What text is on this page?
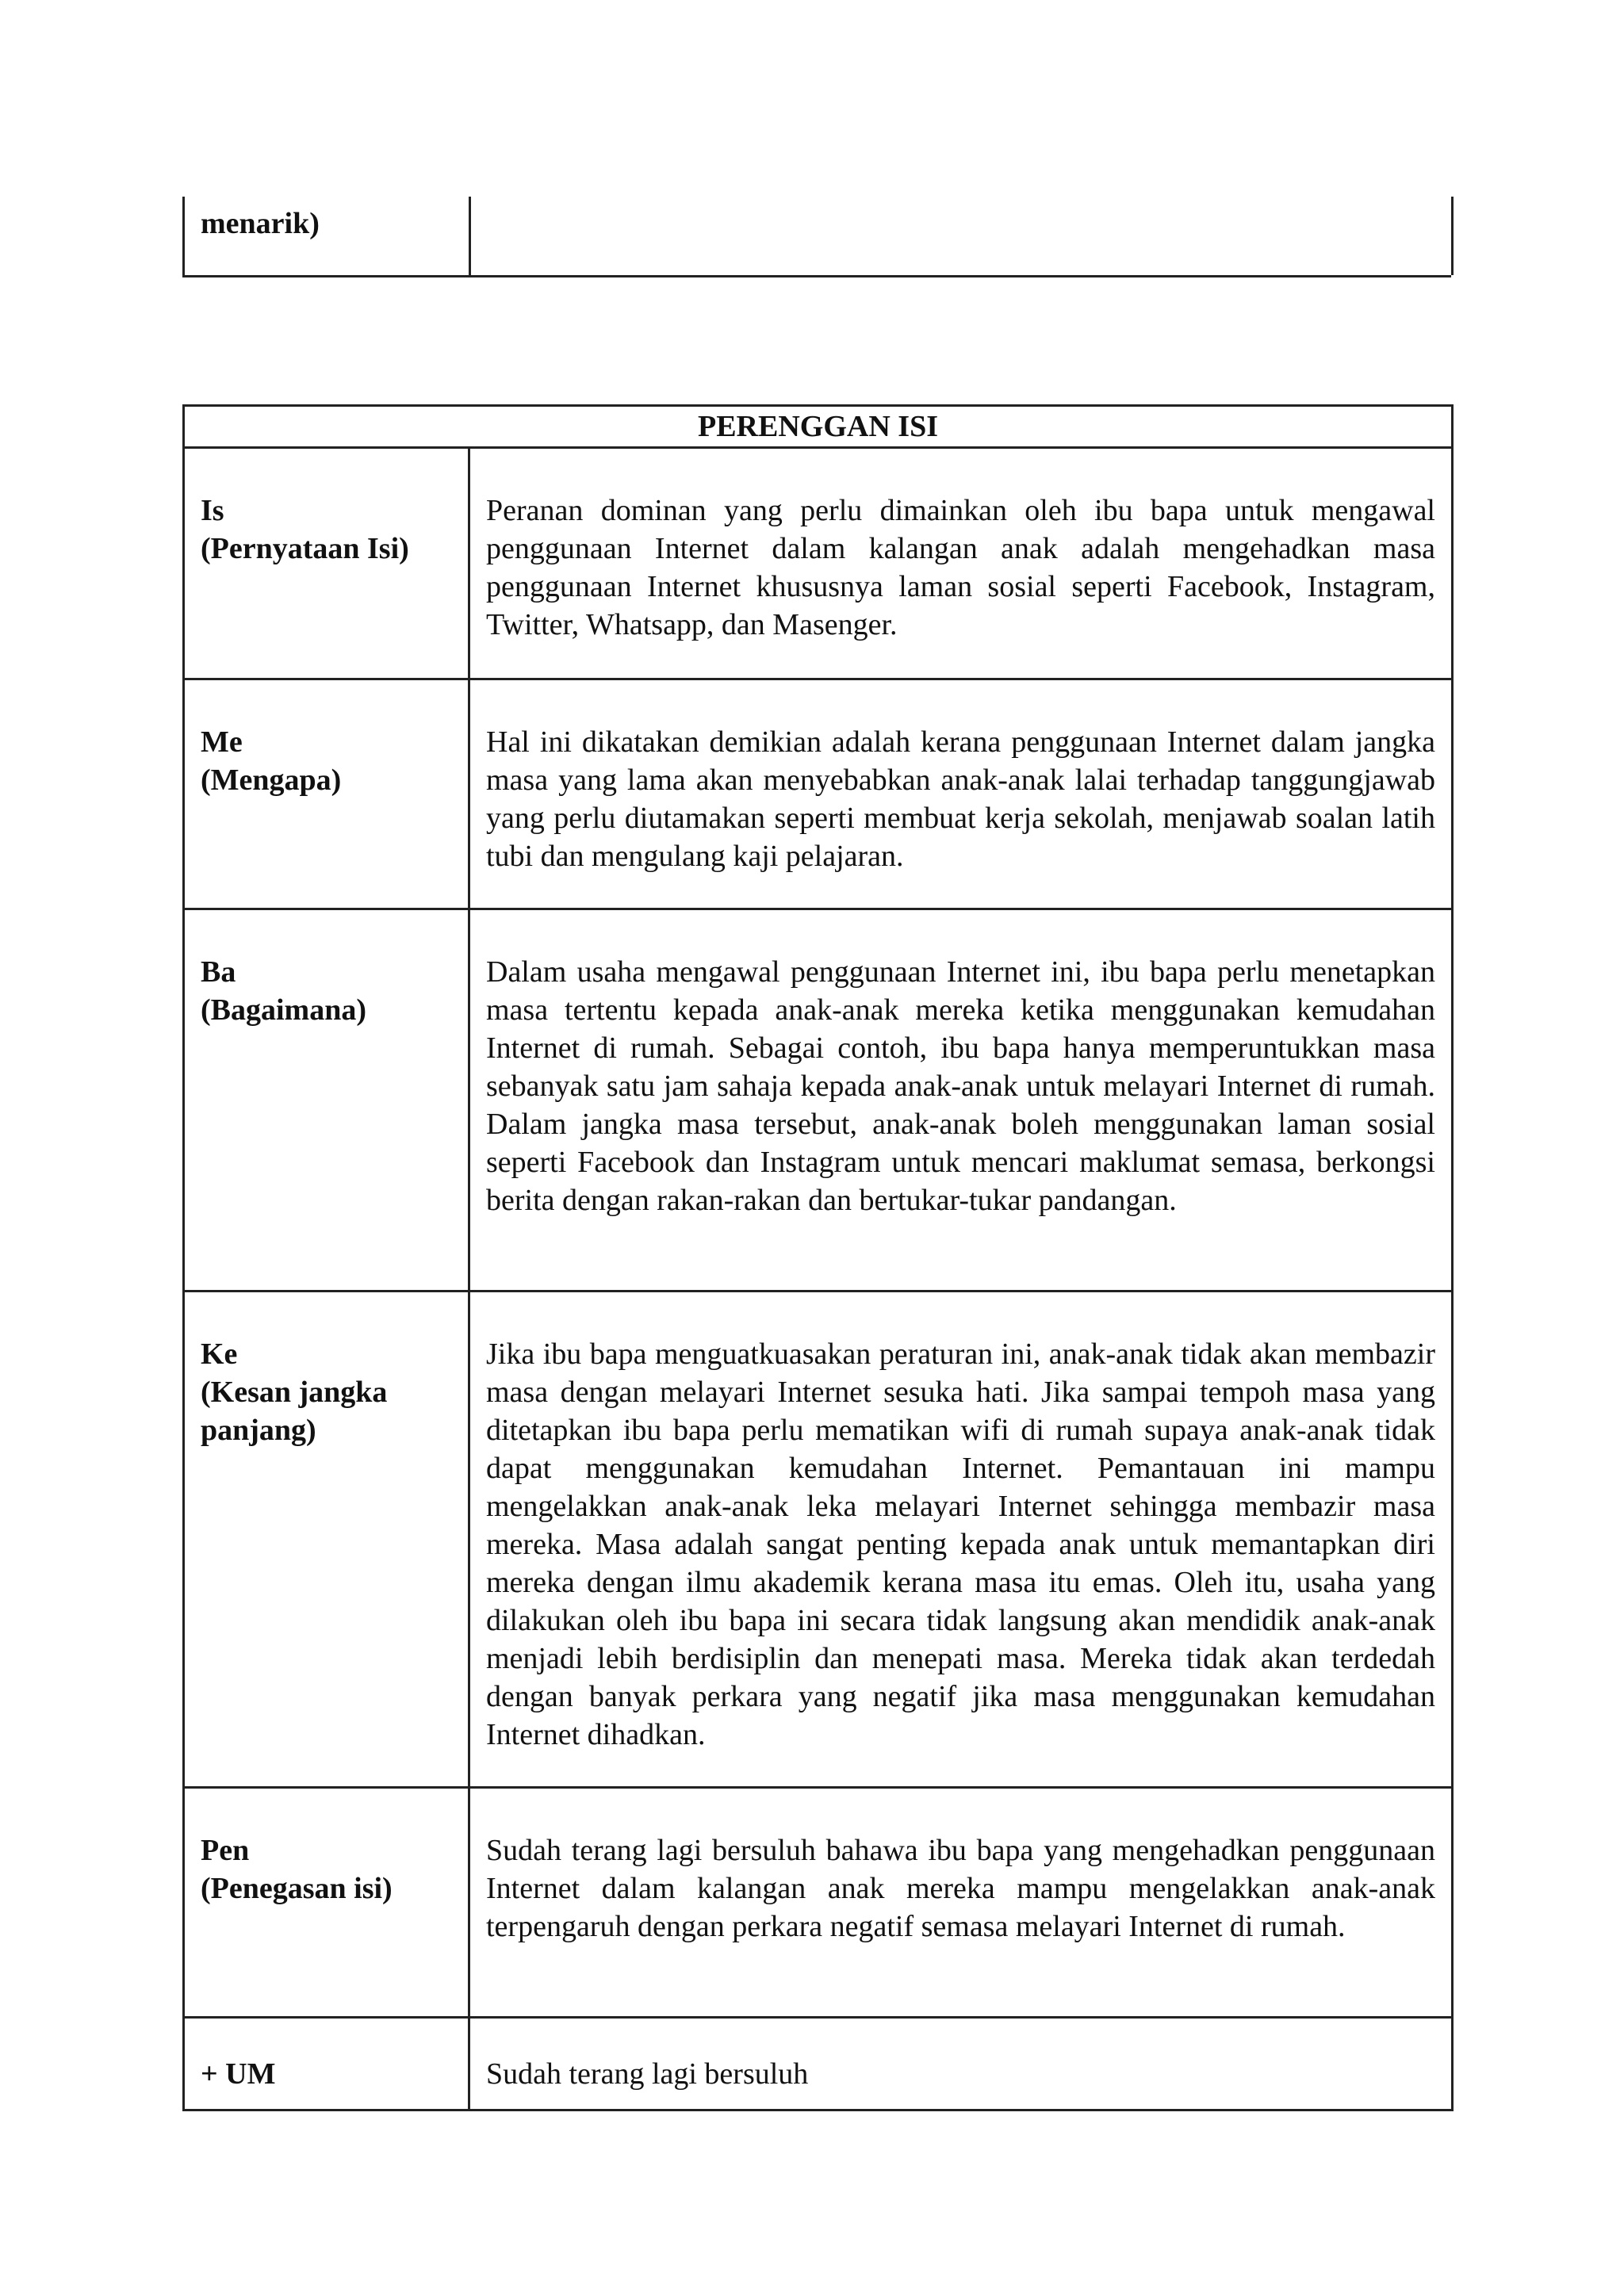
menarik)
PERENGGAN ISI	

Is
(Pernyataan Isi)	Peranan dominan yang perlu dimainkan oleh ibu bapa untuk mengawal penggunaan Internet dalam kalangan anak adalah mengehadkan masa penggunaan Internet khususnya laman sosial seperti Facebook, Instagram, Twitter, Whatsapp, dan Masenger.

Me
(Mengapa)	Hal ini dikatakan demikian adalah kerana penggunaan Internet dalam jangka masa yang lama akan menyebabkan anak-anak lalai terhadap tanggungjawab yang perlu diutamakan seperti membuat kerja sekolah, menjawab soalan latih tubi dan mengulang kaji pelajaran.

Ba
(Bagaimana)	Dalam usaha mengawal penggunaan Internet ini, ibu bapa perlu menetapkan masa tertentu kepada anak-anak mereka ketika menggunakan kemudahan Internet di rumah. Sebagai contoh, ibu bapa hanya memperuntukkan masa sebanyak satu jam sahaja kepada anak-anak untuk melayari Internet di rumah. Dalam jangka masa tersebut, anak-anak boleh menggunakan laman sosial seperti Facebook dan Instagram untuk mencari maklumat semasa, berkongsi berita dengan rakan-rakan dan bertukar-tukar pandangan.

Ke
(Kesan jangka panjang)	Jika ibu bapa menguatkuasakan peraturan ini, anak-anak tidak akan membazir masa dengan melayari Internet sesuka hati. Jika sampai tempoh masa yang ditetapkan ibu bapa perlu mematikan wifi di rumah supaya anak-anak tidak dapat menggunakan kemudahan Internet. Pemantauan ini mampu mengelakkan anak-anak leka melayari Internet sehingga membazir masa mereka. Masa adalah sangat penting kepada anak untuk memantapkan diri mereka dengan ilmu akademik kerana masa itu emas. Oleh itu, usaha yang dilakukan oleh ibu bapa ini secara tidak langsung akan mendidik anak-anak menjadi lebih berdisiplin dan menepati masa. Mereka tidak akan terdedah dengan banyak perkara yang negatif jika masa menggunakan kemudahan Internet dihadkan.

Pen
(Penegasan isi)	Sudah terang lagi bersuluh bahawa ibu bapa yang mengehadkan penggunaan Internet dalam kalangan anak mereka mampu mengelakkan anak-anak terpengaruh dengan perkara negatif semasa melayari Internet di rumah.

+ UM	Sudah terang lagi bersuluh
